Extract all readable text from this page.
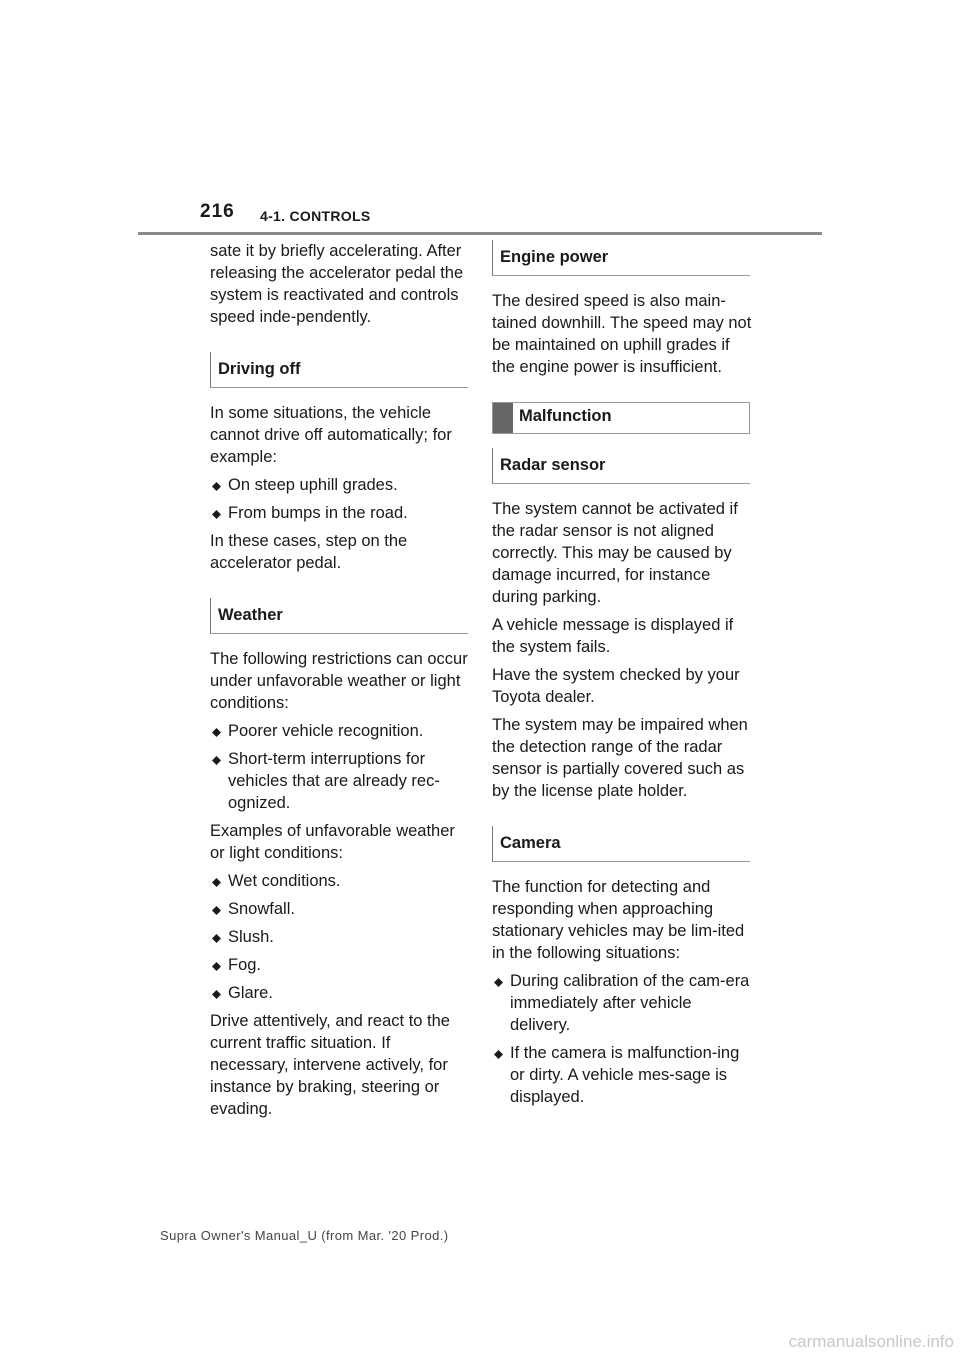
216 4-1. CONTROLS

sate it by briefly accelerating. After releasing the accelerator pedal the system is reactivated and controls speed inde-pendently.

Driving off

In some situations, the vehicle cannot drive off automatically; for example:

On steep uphill grades.
From bumps in the road.

In these cases, step on the accelerator pedal.

Weather

The following restrictions can occur under unfavorable weather or light conditions:

Poorer vehicle recognition.
Short-term interruptions for vehicles that are already rec-ognized.

Examples of unfavorable weather or light conditions:

Wet conditions.
Snowfall.
Slush.
Fog.
Glare.

Drive attentively, and react to the current traffic situation. If necessary, intervene actively, for instance by braking, steering or evading.

Engine power

The desired speed is also main-tained downhill. The speed may not be maintained on uphill grades if the engine power is insufficient.

Malfunction
Radar sensor

The system cannot be activated if the radar sensor is not aligned correctly. This may be caused by damage incurred, for instance during parking.

A vehicle message is displayed if the system fails.

Have the system checked by your Toyota dealer.

The system may be impaired when the detection range of the radar sensor is partially covered such as by the license plate holder.

Camera

The function for detecting and responding when approaching stationary vehicles may be lim-ited in the following situations:

During calibration of the cam-era immediately after vehicle delivery.
If the camera is malfunction-ing or dirty. A vehicle mes-sage is displayed.
Supra Owner's Manual_U (from Mar. '20 Prod.)
carmanualsonline.info
